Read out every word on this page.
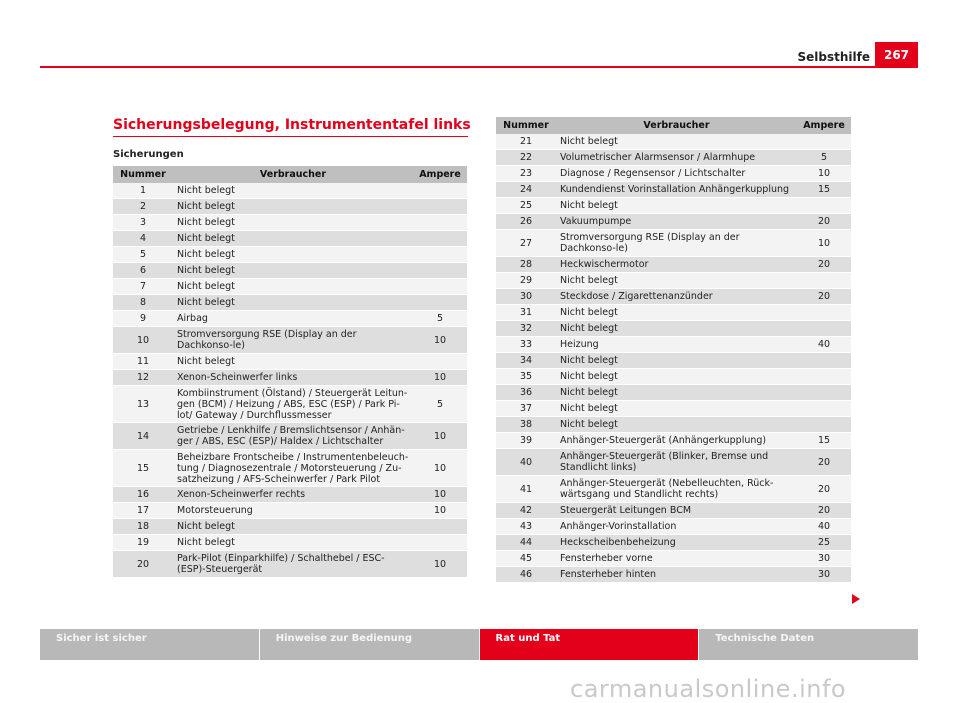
Selbsthilfe	267
Sicherungsbelegung, Instrumententafel links
Sicherungen
Nummer	Verbraucher	Ampere
1	Nicht belegt	
2	Nicht belegt	
3	Nicht belegt	
4	Nicht belegt	
5	Nicht belegt	
6	Nicht belegt	
7	Nicht belegt	
8	Nicht belegt	
9	Airbag	5
10	Stromversorgung RSE (Display an der Dachkonso-le)	10
11	Nicht belegt	
12	Xenon-Scheinwerfer links	10
13	Kombiinstrument (Ölstand) / Steuergerät Leitun-gen (BCM) / Heizung / ABS, ESC (ESP) / Park Pi-lot/ Gateway / Durchflussmesser	5
14	Getriebe / Lenkhilfe / Bremslichtsensor / Anhän-ger / ABS, ESC (ESP)/ Haldex / Lichtschalter	10
15	Beheizbare Frontscheibe / Instrumentenbeleuch-tung / Diagnosezentrale / Motorsteuerung / Zu-satzheizung / AFS-Scheinwerfer / Park Pilot	10
16	Xenon-Scheinwerfer rechts	10
17	Motorsteuerung	10
18	Nicht belegt	
19	Nicht belegt	
20	Park-Pilot (Einparkhilfe) / Schalthebel / ESC-(ESP)-Steuergerät	10
Nummer	Verbraucher	Ampere
21	Nicht belegt	
22	Volumetrischer Alarmsensor / Alarmhupe	5
23	Diagnose / Regensensor / Lichtschalter	10
24	Kundendienst Vorinstallation Anhängerkupplung	15
25	Nicht belegt	
26	Vakuumpumpe	20
27	Stromversorgung RSE (Display an der Dachkonso-le)	10
28	Heckwischermotor	20
29	Nicht belegt	
30	Steckdose / Zigarettenanzünder	20
31	Nicht belegt	
32	Nicht belegt	
33	Heizung	40
34	Nicht belegt	
35	Nicht belegt	
36	Nicht belegt	
37	Nicht belegt	
38	Nicht belegt	
39	Anhänger-Steuergerät (Anhängerkupplung)	15
40	Anhänger-Steuergerät (Blinker, Bremse und Standlicht links)	20
41	Anhänger-Steuergerät (Nebelleuchten, Rück-wärtsgang und Standlicht rechts)	20
42	Steuergerät Leitungen BCM	20
43	Anhänger-Vorinstallation	40
44	Heckscheibenbeheizung	25
45	Fensterheber vorne	30
46	Fensterheber hinten	30
Sicher ist sicher	Hinweise zur Bedienung	Rat und Tat	Technische Daten
carmanualsonline.info
